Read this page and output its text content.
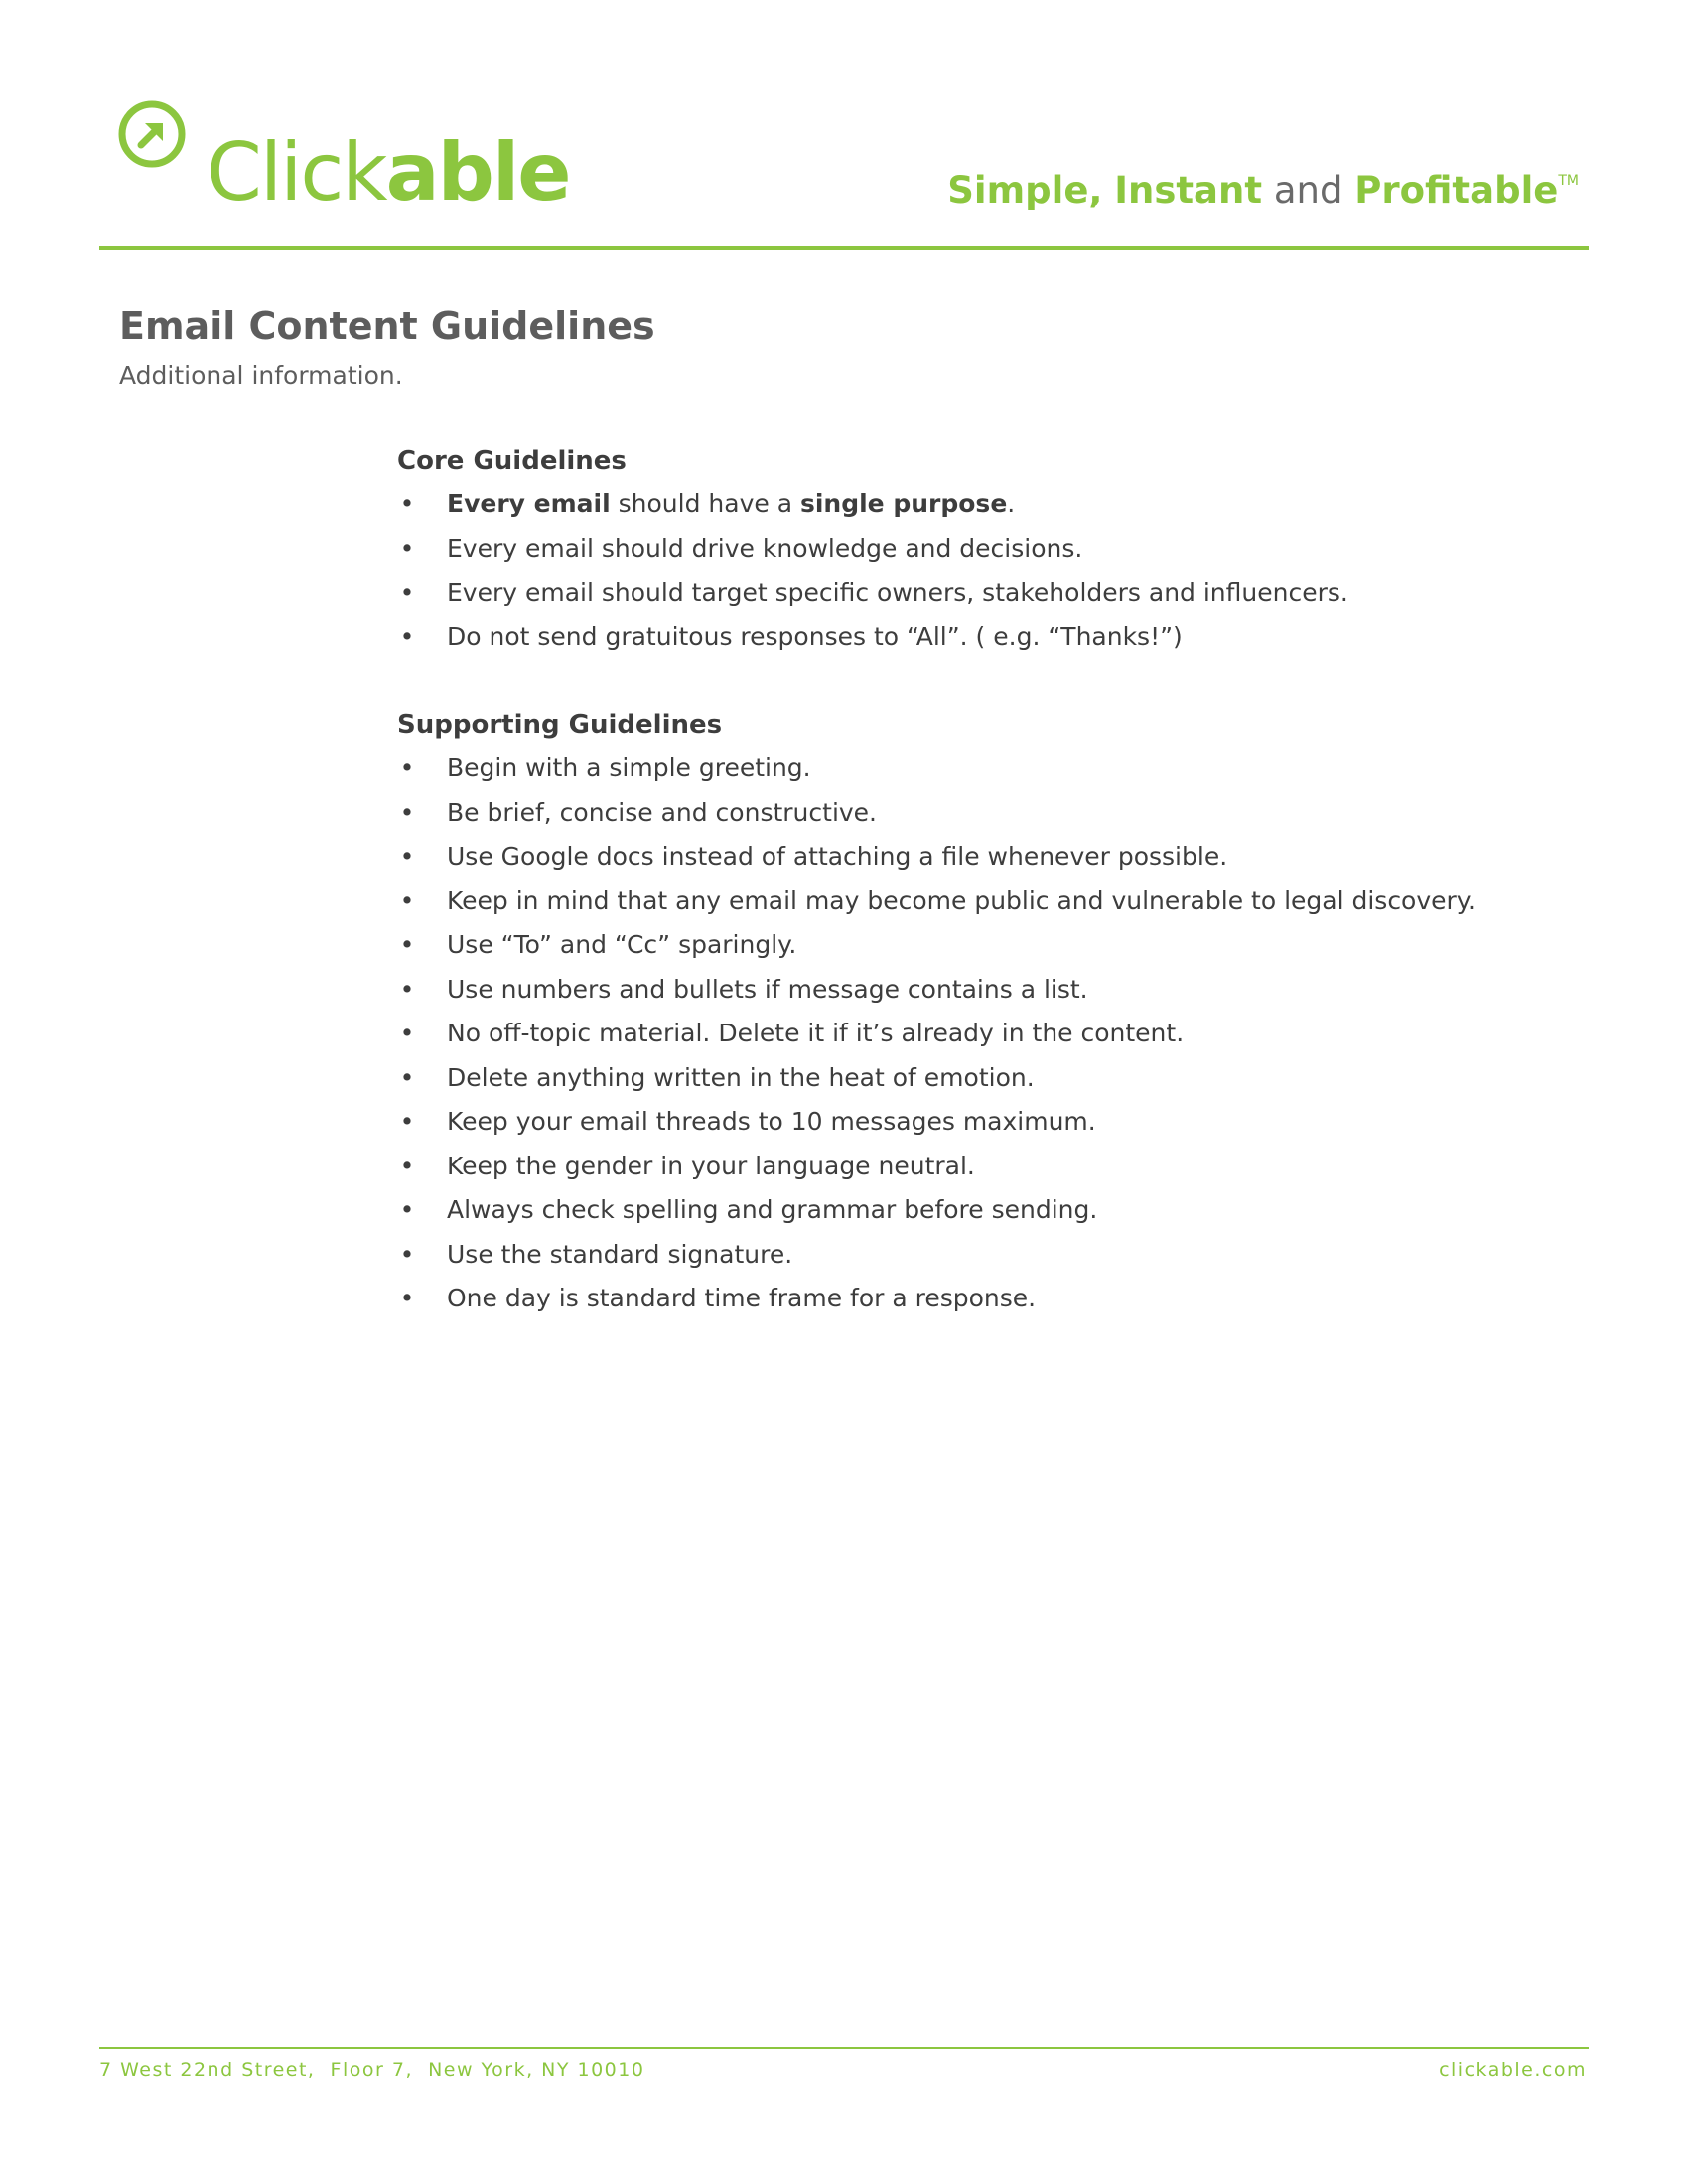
Clickable	Simple, Instant and Profitable™
Email Content Guidelines
Additional information.
Core Guidelines
• Every email should have a single purpose.
• Every email should drive knowledge and decisions.
• Every email should target specific owners, stakeholders and influencers.
• Do not send gratuitous responses to “All”. ( e.g. “Thanks!”)
Supporting Guidelines
• Begin with a simple greeting.
• Be brief, concise and constructive.
• Use Google docs instead of attaching a file whenever possible.
• Keep in mind that any email may become public and vulnerable to legal discovery.
• Use “To” and “Cc” sparingly.
• Use numbers and bullets if message contains a list.
• No off-topic material. Delete it if it’s already in the content.
• Delete anything written in the heat of emotion.
• Keep your email threads to 10 messages maximum.
• Keep the gender in your language neutral.
• Always check spelling and grammar before sending.
• Use the standard signature.
• One day is standard time frame for a response.
7 West 22nd Street,  Floor 7,  New York, NY 10010	clickable.com
